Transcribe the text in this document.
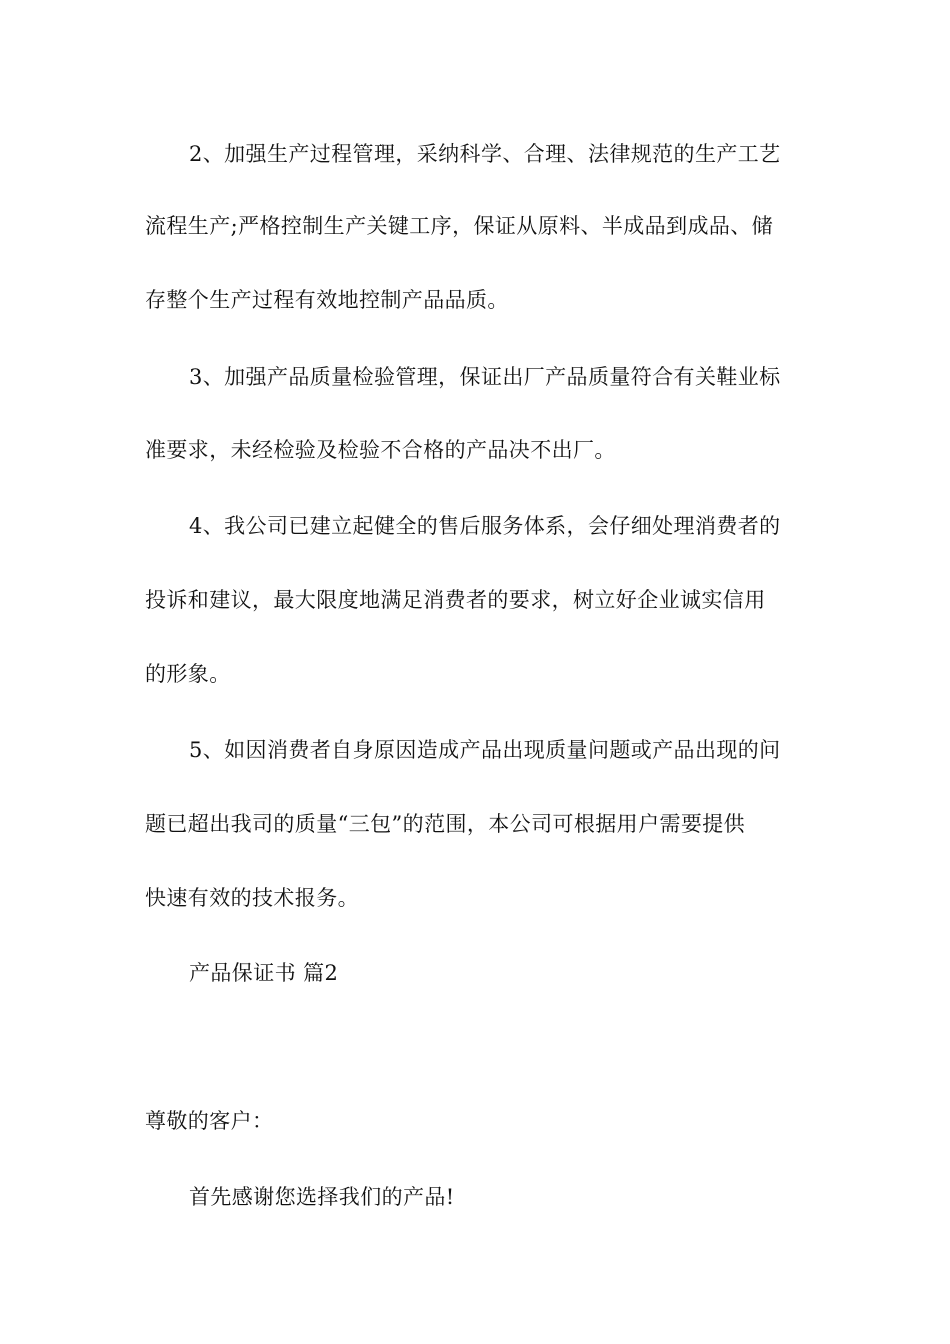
2、加强生产过程管理，采纳科学、合理、法律规范的生产工艺
流程生产;严格控制生产关键工序，保证从原料、半成品到成品、储
存整个生产过程有效地控制产品品质。
3、加强产品质量检验管理，保证出厂产品质量符合有关鞋业标
准要求，未经检验及检验不合格的产品决不出厂。
4、我公司已建立起健全的售后服务体系，会仔细处理消费者的
投诉和建议，最大限度地满足消费者的要求，树立好企业诚实信用
的形象。
5、如因消费者自身原因造成产品出现质量问题或产品出现的问
题已超出我司的质量“三包”的范围，本公司可根据用户需要提供
快速有效的技术报务。
产品保证书 篇2
尊敬的客户：
首先感谢您选择我们的产品!
